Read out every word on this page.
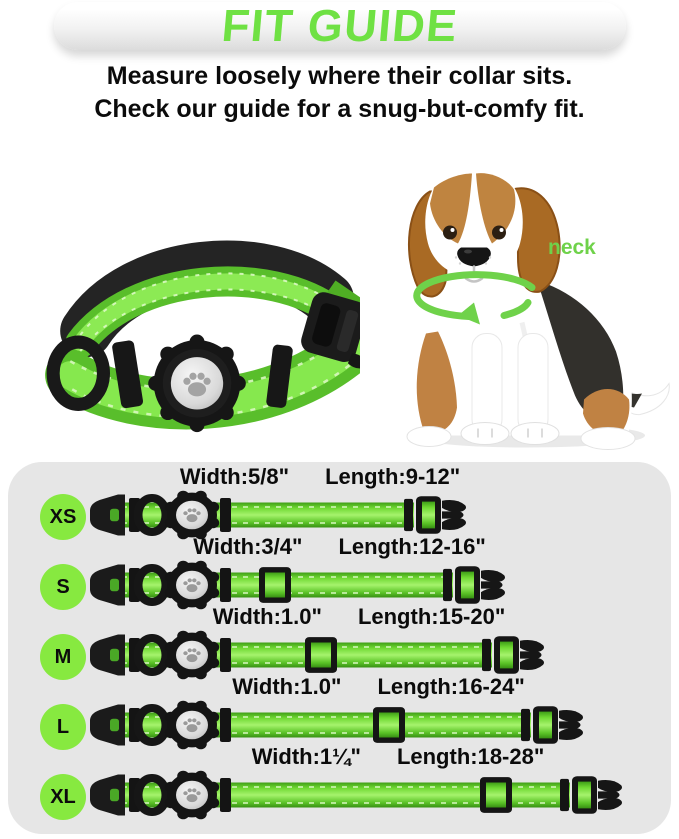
FIT GUIDE

Measure loosely where their collar sits.
Check our guide for a snug-but-comfy fit.

neck
Width:5/8" Length:9-12"
XS
Width:3/4" Length:12-16"
S
Width:1.0" Length:15-20"
M
Width:1.0" Length:16-24"
L
Width:1¼" Length:18-28"
XL
